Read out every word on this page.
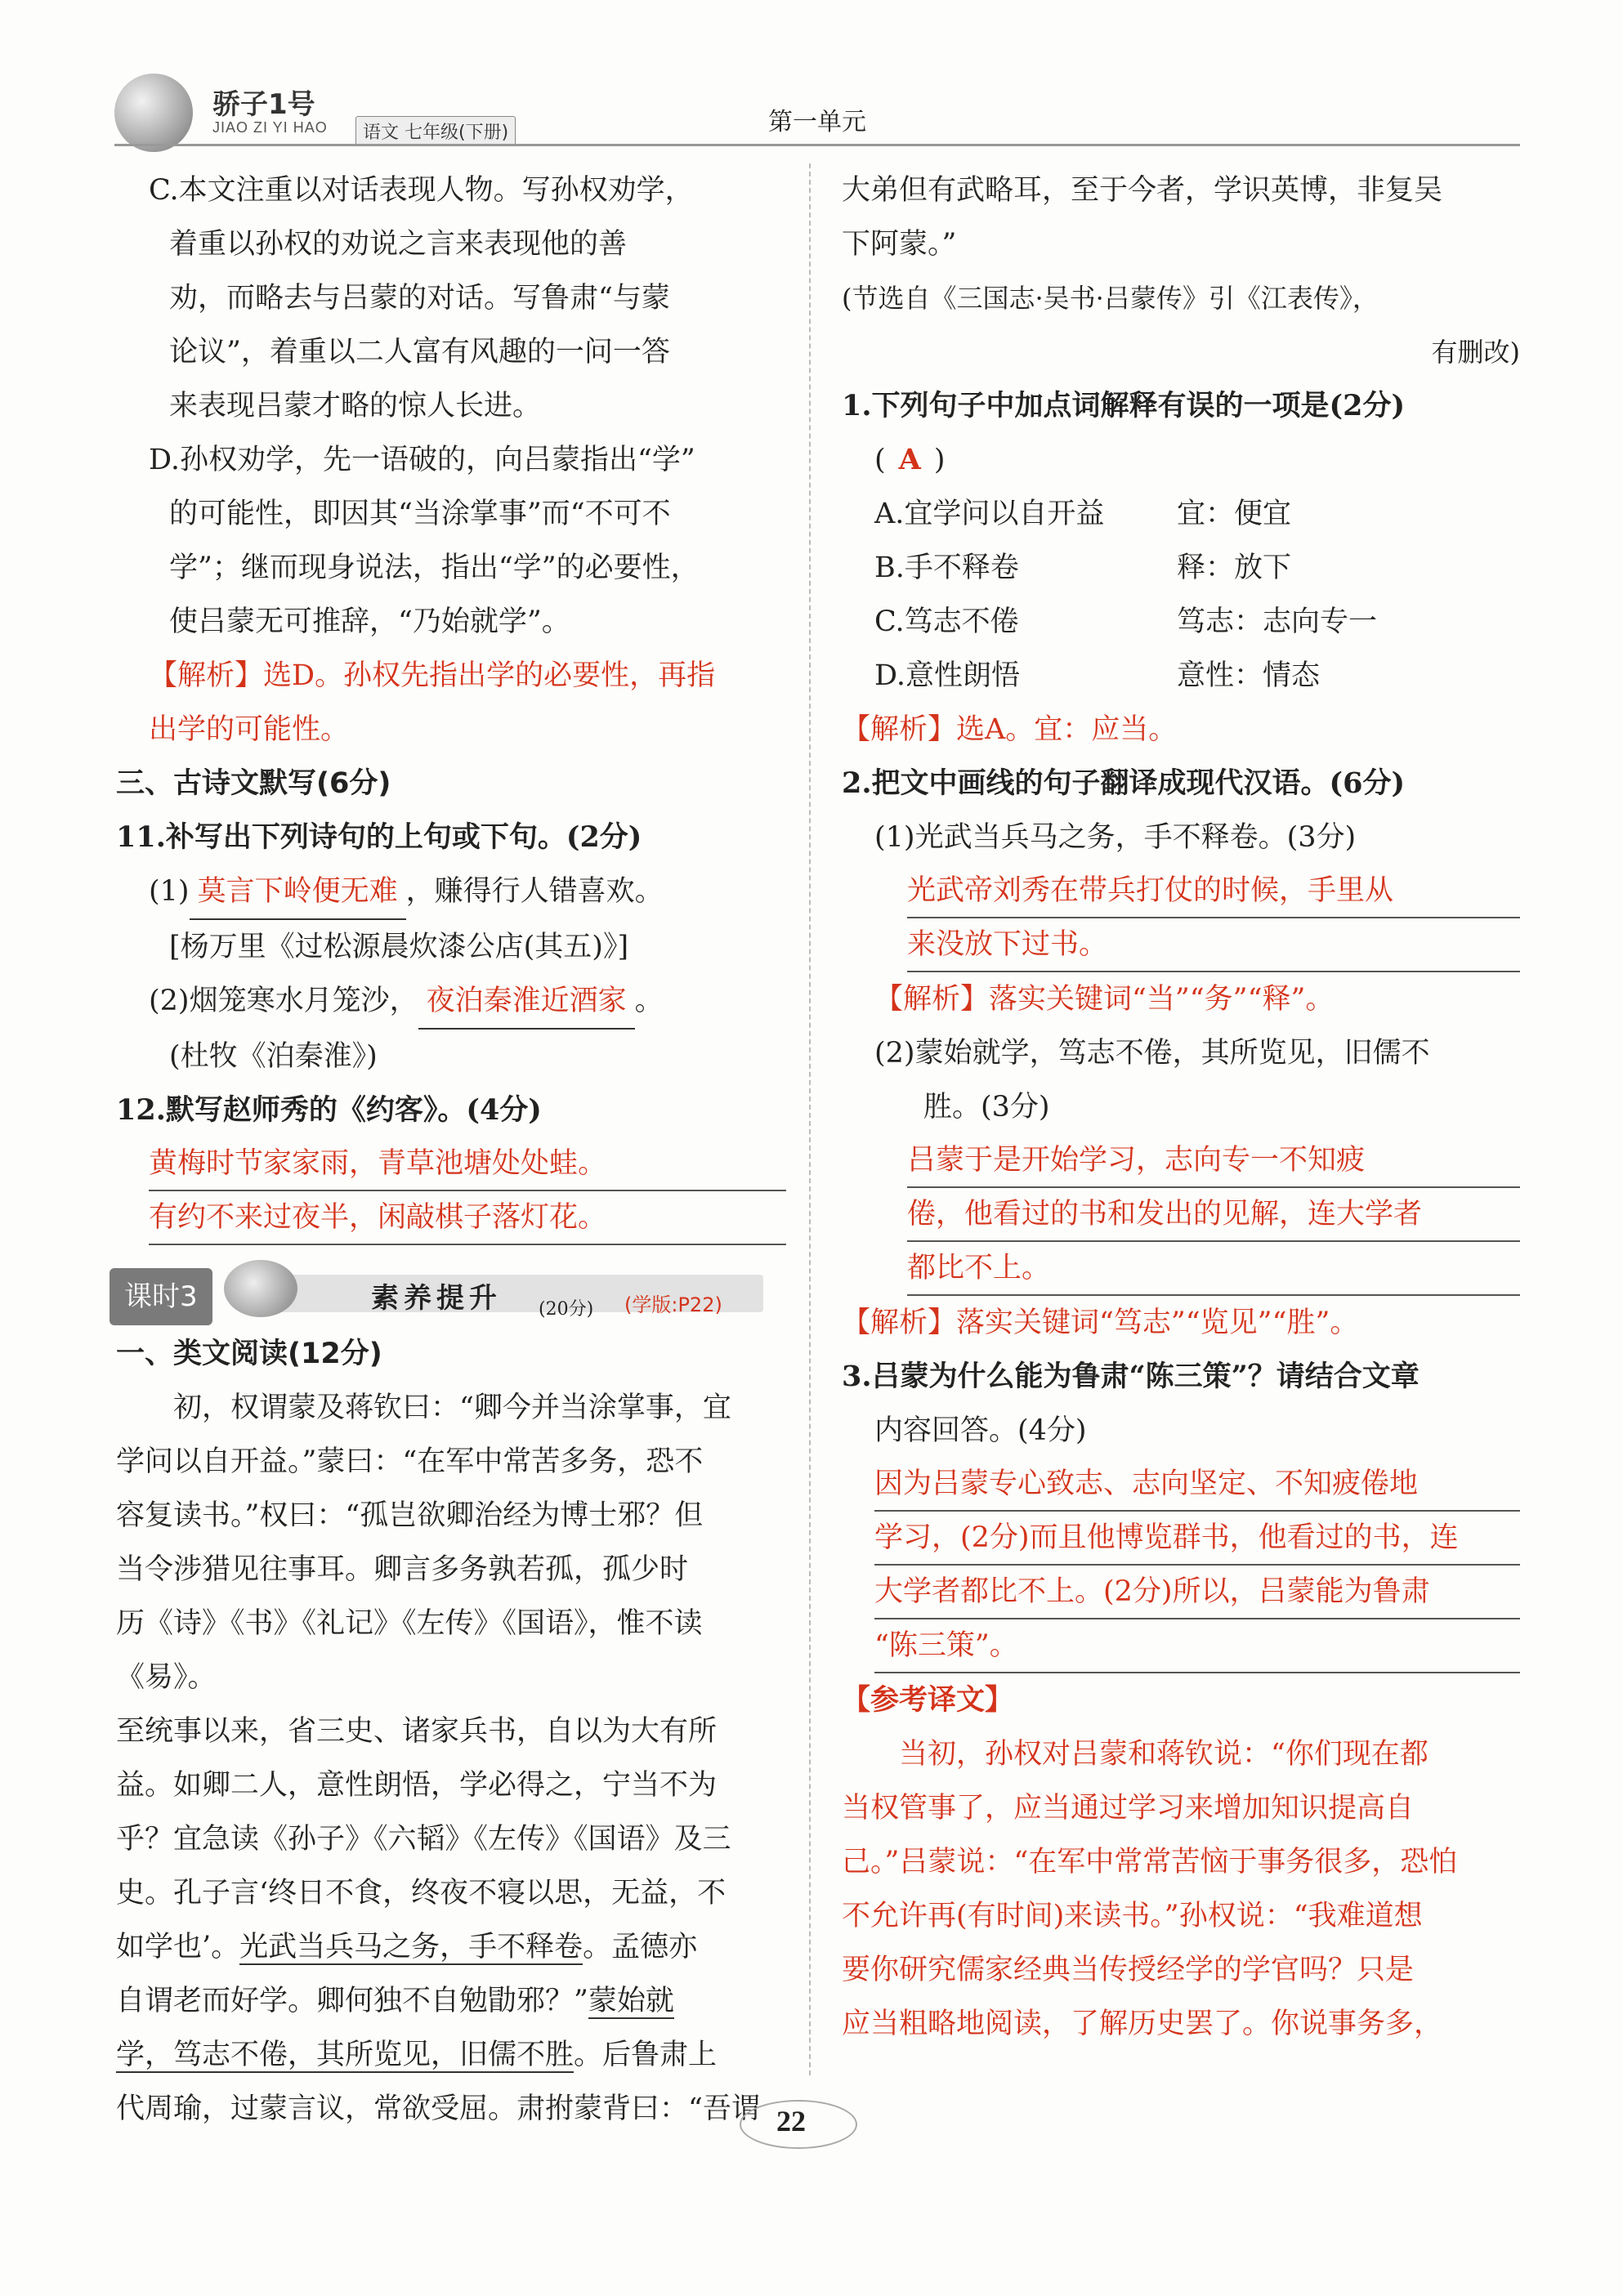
骄子1号
JIAO ZI YI HAO	语文 七年级(下册)	第一单元

C.本文注重以对话表现人物。写孙权劝学，

着重以孙权的劝说之言来表现他的善

劝，而略去与吕蒙的对话。写鲁肃“与蒙

论议”，着重以二人富有风趣的一问一答

来表现吕蒙才略的惊人长进。

D.孙权劝学，先一语破的，向吕蒙指出“学”

的可能性，即因其“当涂掌事”而“不可不

学”；继而现身说法，指出“学”的必要性，

使吕蒙无可推辞，“乃始就学”。

【解析】选D。孙权先指出学的必要性，再指

出学的可能性。

三、古诗文默写(6分)

11.补写出下列诗句的上句或下句。(2分)

(1) 莫言下岭便无难 ，赚得行人错喜欢。

[杨万里《过松源晨炊漆公店(其五)》]

(2)烟笼寒水月笼沙， 夜泊秦淮近酒家 。

(杜牧《泊秦淮》)

12.默写赵师秀的《约客》。(4分)

黄梅时节家家雨，青草池塘处处蛙。

有约不来过夜半，闲敲棋子落灯花。

课时3	素养提升 (20分) (学版:P22)

一、类文阅读(12分)

初，权谓蒙及蒋钦曰：“卿今并当涂掌事，宜

学问以自开益。”蒙曰：“在军中常苦多务，恐不

容复读书。”权曰：“孤岂欲卿治经为博士邪？但

当令涉猎见往事耳。卿言多务孰若孤，孤少时

历《诗》《书》《礼记》《左传》《国语》，惟不读《易》。

至统事以来，省三史、诸家兵书，自以为大有所

益。如卿二人，意性朗悟，学必得之，宁当不为

乎？宜急读《孙子》《六韬》《左传》《国语》及三

史。孔子言‘终日不食，终夜不寝以思，无益，不

如学也’。光武当兵马之务，手不释卷。孟德亦

自谓老而好学。卿何独不自勉勖邪？”蒙始就

学，笃志不倦，其所览见，旧儒不胜。后鲁肃上

代周瑜，过蒙言议，常欲受屈。肃拊蒙背曰：“吾谓

大弟但有武略耳，至于今者，学识英博，非复吴

下阿蒙。”

(节选自《三国志·吴书·吕蒙传》引《江表传》，

有删改)

1.下列句子中加点词解释有误的一项是(2分)

( A )

A.宜学问以自开益	宜：便宜

B.手不释卷	释：放下

C.笃志不倦	笃志：志向专一

D.意性朗悟	意性：情态

【解析】选A。宜：应当。

2.把文中画线的句子翻译成现代汉语。(6分)

(1)光武当兵马之务，手不释卷。(3分)

光武帝刘秀在带兵打仗的时候，手里从

来没放下过书。

【解析】落实关键词“当”“务”“释”。

(2)蒙始就学，笃志不倦，其所览见，旧儒不

胜。(3分)

吕蒙于是开始学习，志向专一不知疲

倦，他看过的书和发出的见解，连大学者

都比不上。

【解析】落实关键词“笃志”“览见”“胜”。

3.吕蒙为什么能为鲁肃“陈三策”？请结合文章

内容回答。(4分)

因为吕蒙专心致志、志向坚定、不知疲倦地

学习，(2分)而且他博览群书，他看过的书，连

大学者都比不上。(2分)所以，吕蒙能为鲁肃

“陈三策”。

【参考译文】

当初，孙权对吕蒙和蒋钦说：“你们现在都

当权管事了，应当通过学习来增加知识提高自

己。”吕蒙说：“在军中常常苦恼于事务很多，恐怕

不允许再(有时间)来读书。”孙权说：“我难道想

要你研究儒家经典当传授经学的学官吗？只是

应当粗略地阅读，了解历史罢了。你说事务多，

22
